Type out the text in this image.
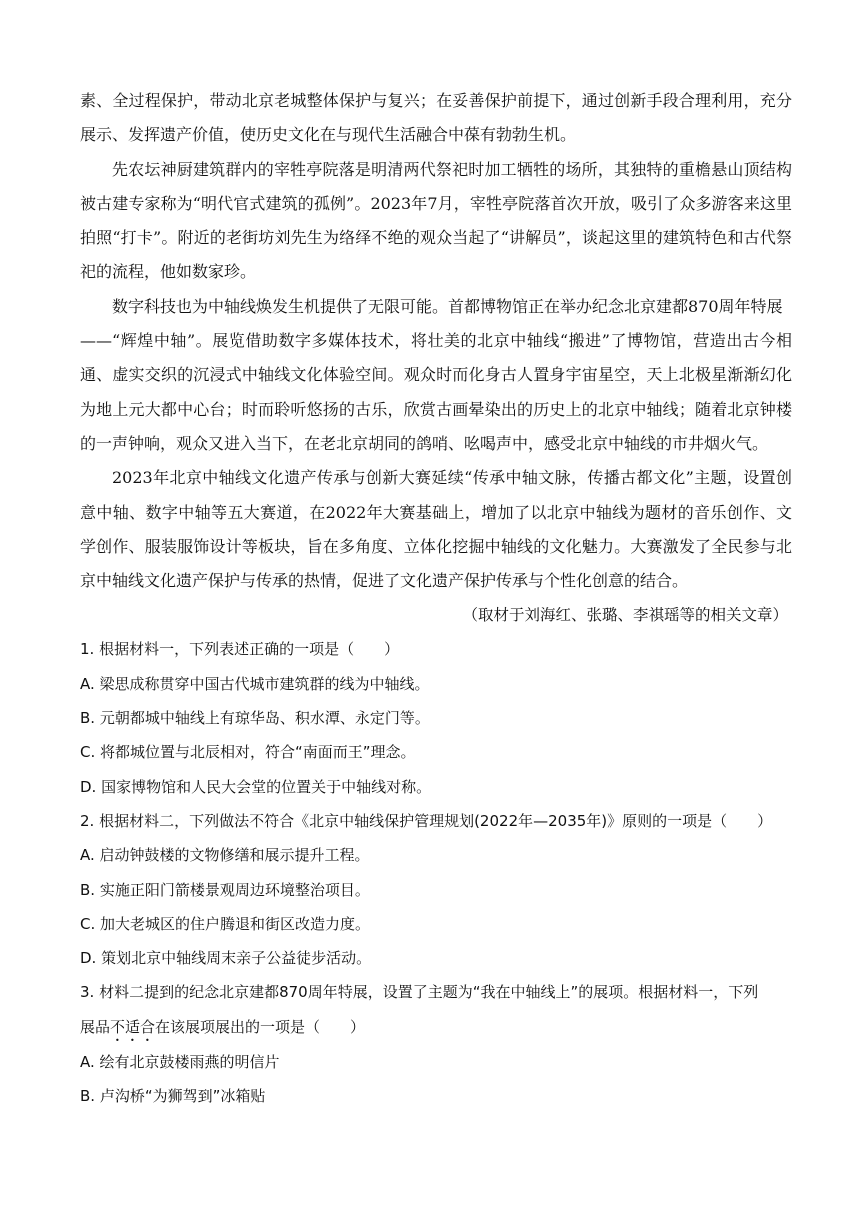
素、全过程保护，带动北京老城整体保护与复兴；在妥善保护前提下，通过创新手段合理利用，充分展示、发挥遗产价值，使历史文化在与现代生活融合中葆有勃勃生机。

先农坛神厨建筑群内的宰牲亭院落是明清两代祭祀时加工牺牲的场所，其独特的重檐悬山顶结构被古建专家称为“明代官式建筑的孤例”。2023年7月，宰牲亭院落首次开放，吸引了众多游客来这里拍照“打卡”。附近的老街坊刘先生为络绎不绝的观众当起了“讲解员”，谈起这里的建筑特色和古代祭祀的流程，他如数家珍。

数字科技也为中轴线焕发生机提供了无限可能。首都博物馆正在举办纪念北京建都870周年特展

——“辉煌中轴”。展览借助数字多媒体技术，将壮美的北京中轴线“搬进”了博物馆，营造出古今相通、虚实交织的沉浸式中轴线文化体验空间。观众时而化身古人置身宇宙星空，天上北极星渐渐幻化为地上元大都中心台；时而聆听悠扬的古乐，欣赏古画晕染出的历史上的北京中轴线；随着北京钟楼的一声钟响，观众又进入当下，在老北京胡同的鸽哨、吆喝声中，感受北京中轴线的市井烟火气。

2023年北京中轴线文化遗产传承与创新大赛延续“传承中轴文脉，传播古都文化”主题，设置创意中轴、数字中轴等五大赛道，在2022年大赛基础上，增加了以北京中轴线为题材的音乐创作、文学创作、服装服饰设计等板块，旨在多角度、立体化挖掘中轴线的文化魅力。大赛激发了全民参与北京中轴线文化遗产保护与传承的热情，促进了文化遗产保护传承与个性化创意的结合。

（取材于刘海红、张璐、李祺瑶等的相关文章）

1. 根据材料一，下列表述正确的一项是（　　）

A. 梁思成称贯穿中国古代城市建筑群的线为中轴线。

B. 元朝都城中轴线上有琼华岛、积水潭、永定门等。

C. 将都城位置与北辰相对，符合“南面而王”理念。

D. 国家博物馆和人民大会堂的位置关于中轴线对称。

2. 根据材料二，下列做法不符合《北京中轴线保护管理规划(2022年—2035年)》原则的一项是（　　）

A. 启动钟鼓楼的文物修缮和展示提升工程。

B. 实施正阳门箭楼景观周边环境整治项目。

C. 加大老城区的住户腾退和街区改造力度。

D. 策划北京中轴线周末亲子公益徒步活动。

3. 材料二提到的纪念北京建都870周年特展，设置了主题为“我在中轴线上”的展项。根据材料一，下列

展品不适合在该展项展出的一项是（　　）

A. 绘有北京鼓楼雨燕的明信片

B. 卢沟桥“为狮驾到”冰箱贴
